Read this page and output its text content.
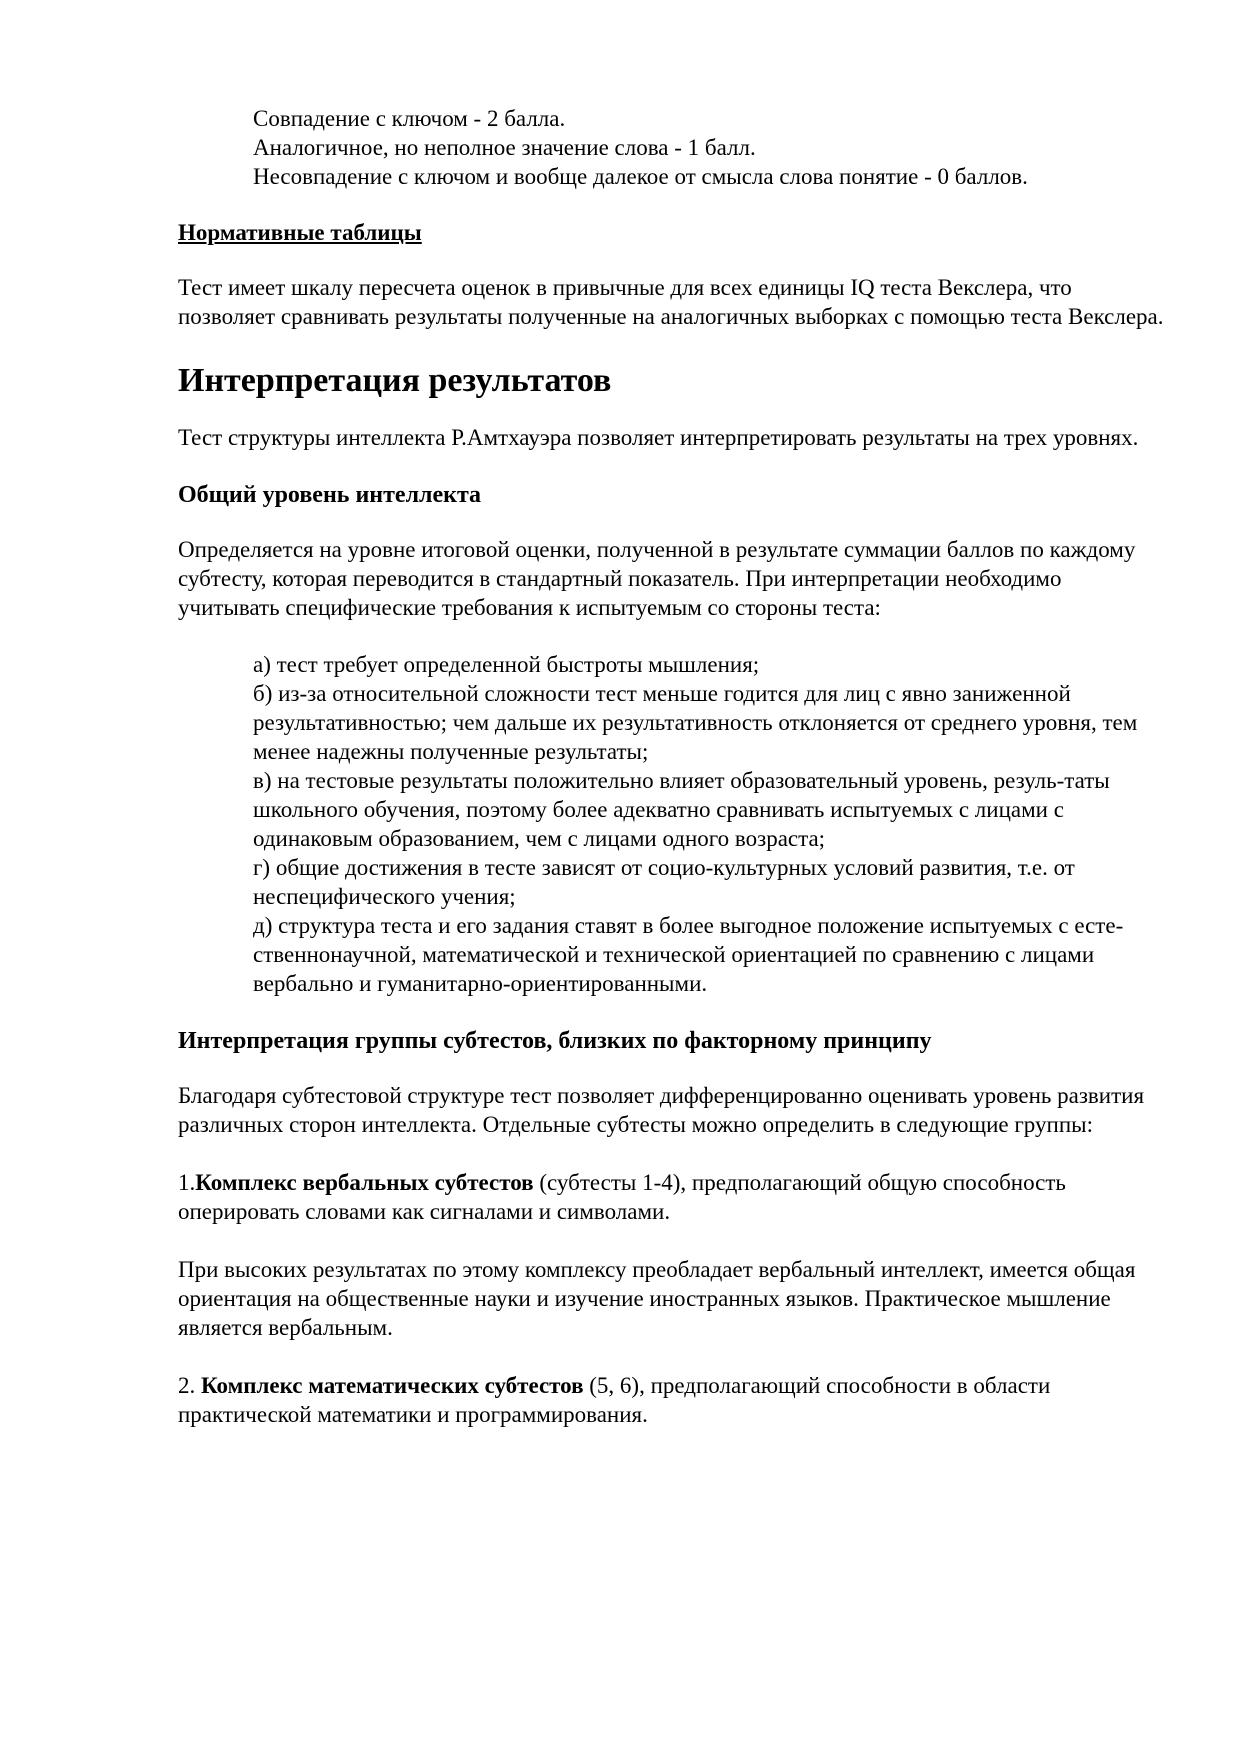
Совпадение с ключом - 2 балла.
Аналогичное, но неполное значение слова - 1 балл.
Несовпадение с ключом и вообще далекое от смысла слова понятие - 0 баллов.
Нормативные таблицы

Тест имеет шкалу пересчета оценок в привычные для всех единицы IQ теста Векслера, что позволяет сравнивать результаты полученные на аналогичных выборках с помощью теста Векслера.

Интерпретация результатов

Тест структуры интеллекта Р.Амтхауэра позволяет интерпретировать результаты на трех уровнях.

Общий уровень интеллекта

Определяется на уровне итоговой оценки, полученной в результате суммации баллов по каждому субтесту, которая переводится в стандартный показатель. При интерпретации необходимо учитывать специфические требования к испытуемым со стороны теста:

а) тест требует определенной быстроты мышления;
б) из-за относительной сложности тест меньше годится для лиц с явно заниженной результативностью; чем дальше их результативность отклоняется от среднего уровня, тем менее надежны полученные результаты;
в) на тестовые результаты положительно влияет образовательный уровень, резуль-таты школьного обучения, поэтому более адекватно сравнивать испытуемых с лицами с одинаковым образованием, чем с лицами одного возраста;
г) общие достижения в тесте зависят от социо-культурных условий развития, т.е. от неспецифического учения;
д) структура теста и его задания ставят в более выгодное положение испытуемых с есте-ственнонаучной, математической и технической ориентацией по сравнению с лицами вербально и гуманитарно-ориентированными.
Интерпретация группы субтестов, близких по факторному принципу

Благодаря субтестовой структуре тест позволяет дифференцированно оценивать уровень развития различных сторон интеллекта. Отдельные субтесты можно определить в следующие группы:

1.Комплекс вербальных субтестов (субтесты 1-4), предполагающий общую способность оперировать словами как сигналами и символами.

При высоких результатах по этому комплексу преобладает вербальный интеллект, имеется общая ориентация на общественные науки и изучение иностранных языков. Практическое мышление является вербальным.

2. Комплекс математических субтестов (5, 6), предполагающий способности в области практической математики и программирования.
